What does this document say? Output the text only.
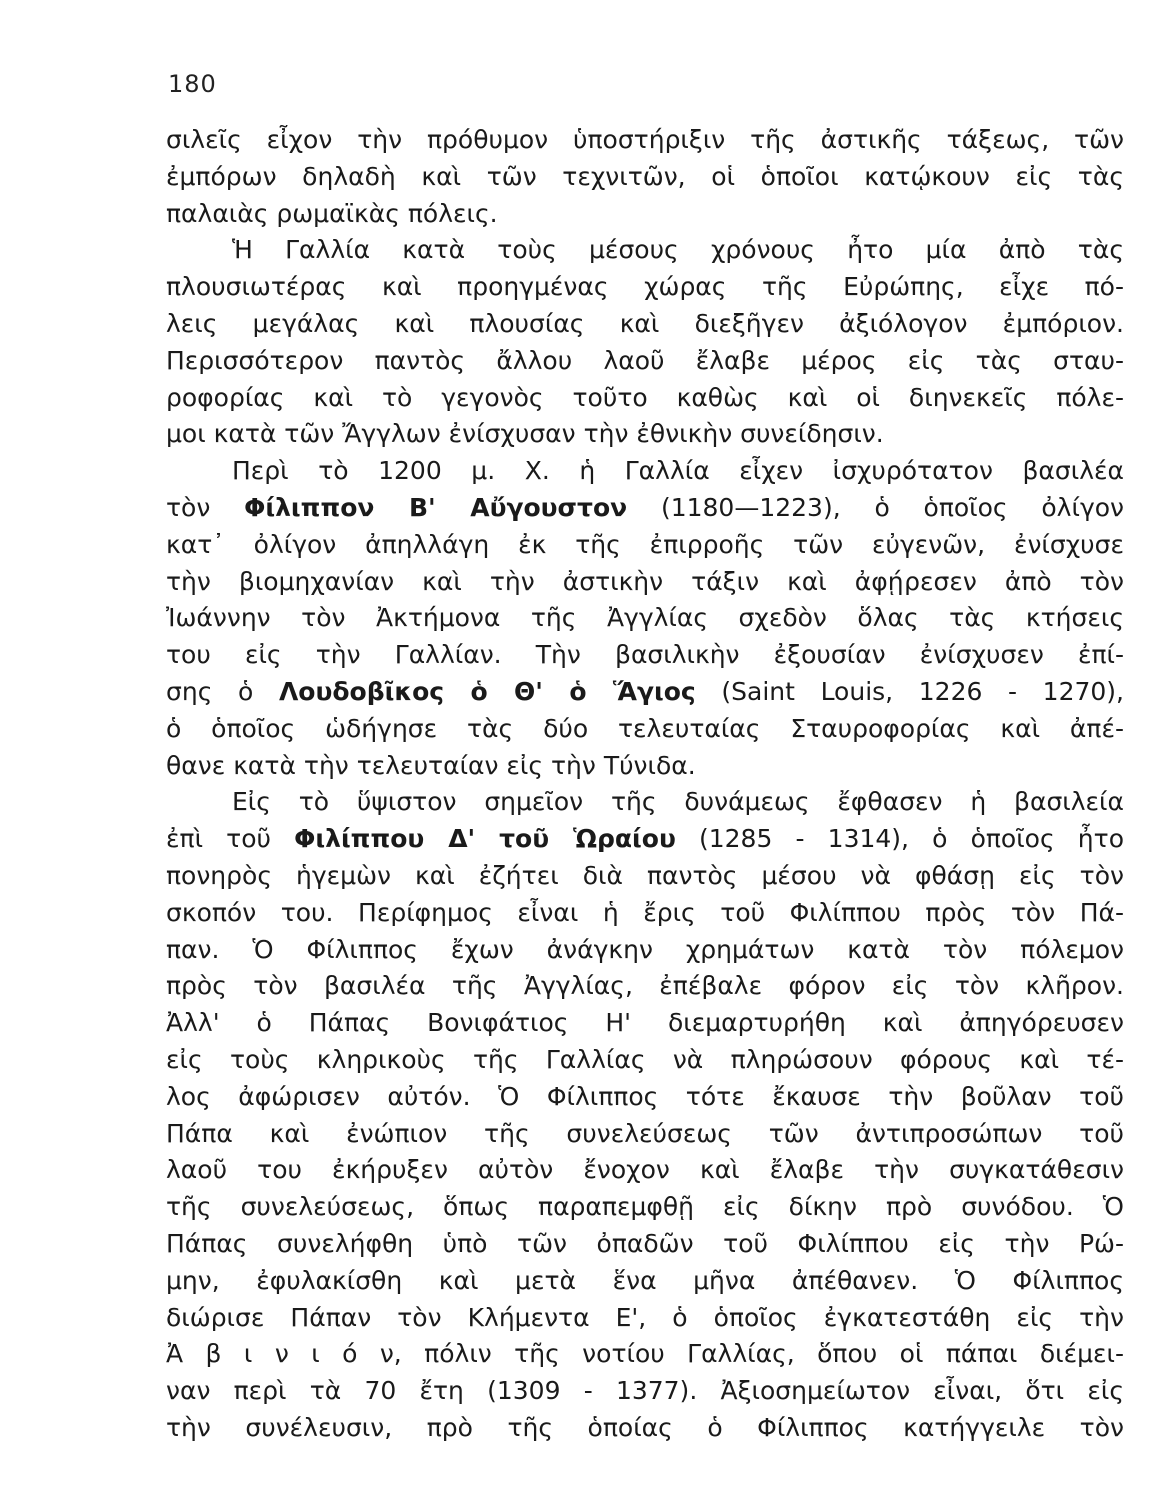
180
σιλεῖς εἶχον τὴν πρόθυμον ὑποστήριξιν τῆς ἀστικῆς τάξεως, τῶν
ἐμπόρων δηλαδὴ καὶ τῶν τεχνιτῶν, οἱ ὁποῖοι κατῴκουν εἰς τὰς
παλαιὰς ρωμαϊκὰς πόλεις.
Ἡ Γαλλία κατὰ τοὺς μέσους χρόνους ἦτο μία ἀπὸ τὰς
πλουσιωτέρας καὶ προηγμένας χώρας τῆς Εὐρώπης, εἶχε πό-
λεις μεγάλας καὶ πλουσίας καὶ διεξῆγεν ἀξιόλογον ἐμπόριον.
Περισσότερον παντὸς ἄλλου λαοῦ ἔλαβε μέρος εἰς τὰς σταυ-
ροφορίας καὶ τὸ γεγονὸς τοῦτο καθὼς καὶ οἱ διηνεκεῖς πόλε-
μοι κατὰ τῶν Ἄγγλων ἐνίσχυσαν τὴν ἐθνικὴν συνείδησιν.
Περὶ τὸ 1200 μ. Χ. ἡ Γαλλία εἶχεν ἰσχυρότατον βασιλέα
τὸν Φίλιππον Β' Αὔγουστον (1180—1223), ὁ ὁποῖος ὀλίγον
κατ᾽ ὀλίγον ἀπηλλάγη ἐκ τῆς ἐπιρροῆς τῶν εὐγενῶν, ἐνίσχυσε
τὴν βιομηχανίαν καὶ τὴν ἀστικὴν τάξιν καὶ ἀφῄρεσεν ἀπὸ τὸν
Ἰωάννην τὸν Ἀκτήμονα τῆς Ἀγγλίας σχεδὸν ὅλας τὰς κτήσεις
του εἰς τὴν Γαλλίαν. Τὴν βασιλικὴν ἐξουσίαν ἐνίσχυσεν ἐπί-
σης ὁ Λουδοβῖκος ὁ Θ' ὁ Ἅγιος (Saint Louis, 1226 - 1270),
ὁ ὁποῖος ὡδήγησε τὰς δύο τελευταίας Σταυροφορίας καὶ ἀπέ-
θανε κατὰ τὴν τελευταίαν εἰς τὴν Τύνιδα.
Εἰς τὸ ὕψιστον σημεῖον τῆς δυνάμεως ἔφθασεν ἡ βασιλεία
ἐπὶ τοῦ Φιλίππου Δ' τοῦ Ὡραίου (1285 - 1314), ὁ ὁποῖος ἦτο
πονηρὸς ἡγεμὼν καὶ ἐζήτει διὰ παντὸς μέσου νὰ φθάσῃ εἰς τὸν
σκοπόν του. Περίφημος εἶναι ἡ ἔρις τοῦ Φιλίππου πρὸς τὸν Πά-
παν. Ὁ Φίλιππος ἔχων ἀνάγκην χρημάτων κατὰ τὸν πόλεμον
πρὸς τὸν βασιλέα τῆς Ἀγγλίας, ἐπέβαλε φόρον εἰς τὸν κλῆρον.
Ἀλλ' ὁ Πάπας Βονιφάτιος Η' διεμαρτυρήθη καὶ ἀπηγόρευσεν
εἰς τοὺς κληρικοὺς τῆς Γαλλίας νὰ πληρώσουν φόρους καὶ τέ-
λος ἀφώρισεν αὐτόν. Ὁ Φίλιππος τότε ἔκαυσε τὴν βοῦλαν τοῦ
Πάπα καὶ ἐνώπιον τῆς συνελεύσεως τῶν ἀντιπροσώπων τοῦ
λαοῦ του ἐκήρυξεν αὐτὸν ἔνοχον καὶ ἔλαβε τὴν συγκατάθεσιν
τῆς συνελεύσεως, ὅπως παραπεμφθῇ εἰς δίκην πρὸ συνόδου. Ὁ
Πάπας συνελήφθη ὑπὸ τῶν ὀπαδῶν τοῦ Φιλίππου εἰς τὴν Ρώ-
μην, ἐφυλακίσθη καὶ μετὰ ἕνα μῆνα ἀπέθανεν. Ὁ Φίλιππος
διώρισε Πάπαν τὸν Κλήμεντα Ε', ὁ ὁποῖος ἐγκατεστάθη εἰς τὴν
Ἀ β ι ν ι ό ν, πόλιν τῆς νοτίου Γαλλίας, ὅπου οἱ πάπαι διέμει-
ναν περὶ τὰ 70 ἔτη (1309 - 1377). Ἀξιοσημείωτον εἶναι, ὅτι εἰς
τὴν συνέλευσιν, πρὸ τῆς ὁποίας ὁ Φίλιππος κατήγγειλε τὸν
